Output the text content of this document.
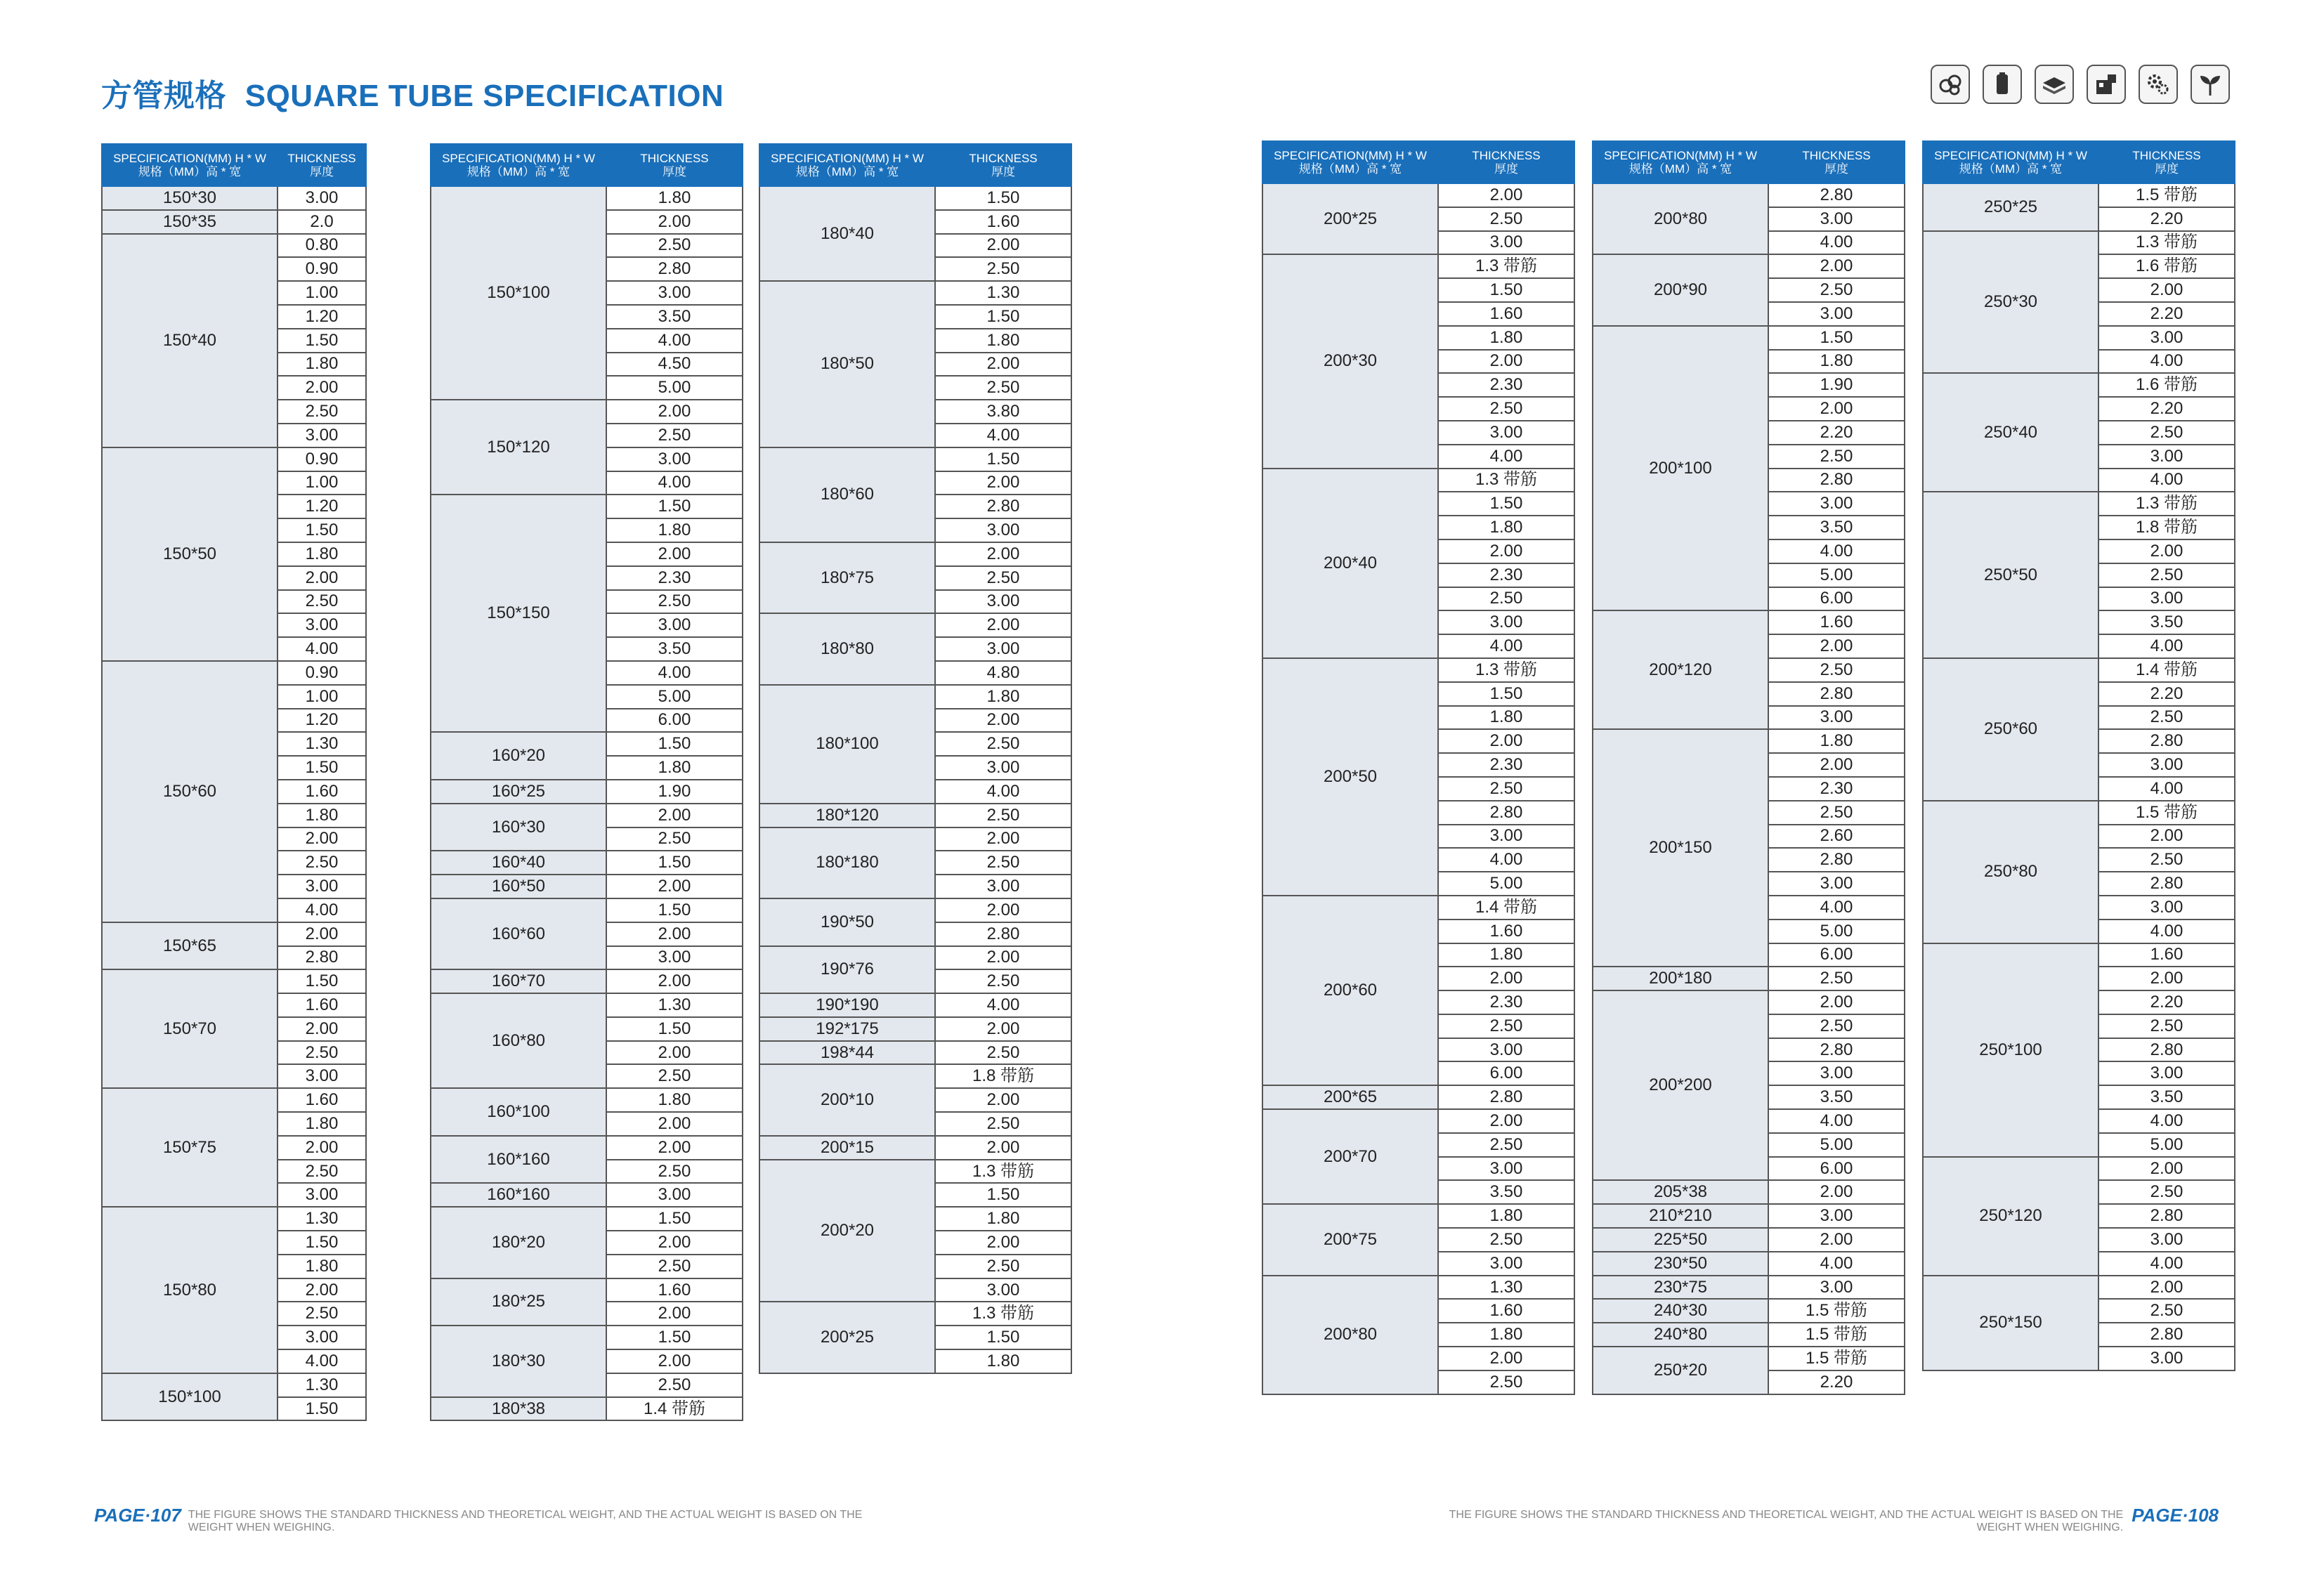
方管规格 SQUARE TUBE SPECIFICATION
SPECIFICATION(MM) H * W
规格（MM）高 * 宽	THICKNESS
厚度
150*30	3.00
150*35	2.0
150*40	0.80
	0.90
	1.00
	1.20
	1.50
	1.80
	2.00
	2.50
	3.00
150*50	0.90
	1.00
	1.20
	1.50
	1.80
	2.00
	2.50
	3.00
	4.00
150*60	0.90
	1.00
	1.20
	1.30
	1.50
	1.60
	1.80
	2.00
	2.50
	3.00
	4.00
150*65	2.00
	2.80
150*70	1.50
	1.60
	2.00
	2.50
	3.00
150*75	1.60
	1.80
	2.00
	2.50
	3.00
150*80	1.30
	1.50
	1.80
	2.00
	2.50
	3.00
	4.00
150*100	1.30
	1.50
SPECIFICATION(MM) H * W
规格（MM）高 * 宽	THICKNESS
厚度
150*100	1.80
	2.00
	2.50
	2.80
	3.00
	3.50
	4.00
	4.50
	5.00
150*120	2.00
	2.50
	3.00
	4.00
150*150	1.50
	1.80
	2.00
	2.30
	2.50
	3.00
	3.50
	4.00
	5.00
	6.00
160*20	1.50
	1.80
160*25	1.90
160*30	2.00
	2.50
160*40	1.50
160*50	2.00
160*60	1.50
	2.00
	3.00
160*70	2.00
160*80	1.30
	1.50
	2.00
	2.50
160*100	1.80
	2.00
160*160	2.00
	2.50
160*160	3.00
180*20	1.50
	2.00
	2.50
180*25	1.60
	2.00
180*30	1.50
	2.00
	2.50
180*38	1.4 带筋
SPECIFICATION(MM) H * W
规格（MM）高 * 宽	THICKNESS
厚度
180*40	1.50
	1.60
	2.00
	2.50
180*50	1.30
	1.50
	1.80
	2.00
	2.50
	3.80
	4.00
180*60	1.50
	2.00
	2.80
	3.00
180*75	2.00
	2.50
	3.00
180*80	2.00
	3.00
	4.80
180*100	1.80
	2.00
	2.50
	3.00
	4.00
180*120	2.50
180*180	2.00
	2.50
	3.00
190*50	2.00
	2.80
190*76	2.00
	2.50
190*190	4.00
192*175	2.00
198*44	2.50
200*10	1.8 带筋
	2.00
	2.50
200*15	2.00
200*20	1.3 带筋
	1.50
	1.80
	2.00
	2.50
	3.00
200*25	1.3 带筋
	1.50
	1.80
SPECIFICATION(MM) H * W
规格（MM）高 * 宽	THICKNESS
厚度
200*25	2.00
	2.50
	3.00
200*30	1.3 带筋
	1.50
	1.60
	1.80
	2.00
	2.30
	2.50
	3.00
	4.00
200*40	1.3 带筋
	1.50
	1.80
	2.00
	2.30
	2.50
	3.00
	4.00
200*50	1.3 带筋
	1.50
	1.80
	2.00
	2.30
	2.50
	2.80
	3.00
	4.00
	5.00
200*60	1.4 带筋
	1.60
	1.80
	2.00
	2.30
	2.50
	3.00
	6.00
200*65	2.80
200*70	2.00
	2.50
	3.00
	3.50
200*75	1.80
	2.50
	3.00
200*80	1.30
	1.60
	1.80
	2.00
	2.50
SPECIFICATION(MM) H * W
规格（MM）高 * 宽	THICKNESS
厚度
200*80	2.80
	3.00
	4.00
200*90	2.00
	2.50
	3.00
200*100	1.50
	1.80
	1.90
	2.00
	2.20
	2.50
	2.80
	3.00
	3.50
	4.00
	5.00
	6.00
200*120	1.60
	2.00
	2.50
	2.80
	3.00
200*150	1.80
	2.00
	2.30
	2.50
	2.60
	2.80
	3.00
	4.00
	5.00
	6.00
200*180	2.50
200*200	2.00
	2.50
	2.80
	3.00
	3.50
	4.00
	5.00
	6.00
205*38	2.00
210*210	3.00
225*50	2.00
230*50	4.00
230*75	3.00
240*30	1.5 带筋
240*80	1.5 带筋
250*20	1.5 带筋
	2.20
SPECIFICATION(MM) H * W
规格（MM）高 * 宽	THICKNESS
厚度
250*25	1.5 带筋
	2.20
250*30	1.3 带筋
	1.6 带筋
	2.00
	2.20
	3.00
	4.00
250*40	1.6 带筋
	2.20
	2.50
	3.00
	4.00
250*50	1.3 带筋
	1.8 带筋
	2.00
	2.50
	3.00
	3.50
	4.00
250*60	1.4 带筋
	2.20
	2.50
	2.80
	3.00
	4.00
250*80	1.5 带筋
	2.00
	2.50
	2.80
	3.00
	4.00
250*100	1.60
	2.00
	2.20
	2.50
	2.80
	3.00
	3.50
	4.00
	5.00
250*120	2.00
	2.50
	2.80
	3.00
	4.00
250*150	2.00
	2.50
	2.80
	3.00
PAGE·107 THE FIGURE SHOWS THE STANDARD THICKNESS AND THEORETICAL WEIGHT, AND THE ACTUAL WEIGHT IS BASED ON THE
WEIGHT WHEN WEIGHING.
THE FIGURE SHOWS THE STANDARD THICKNESS AND THEORETICAL WEIGHT, AND THE ACTUAL WEIGHT IS BASED ON THE
WEIGHT WHEN WEIGHING.
PAGE·108
